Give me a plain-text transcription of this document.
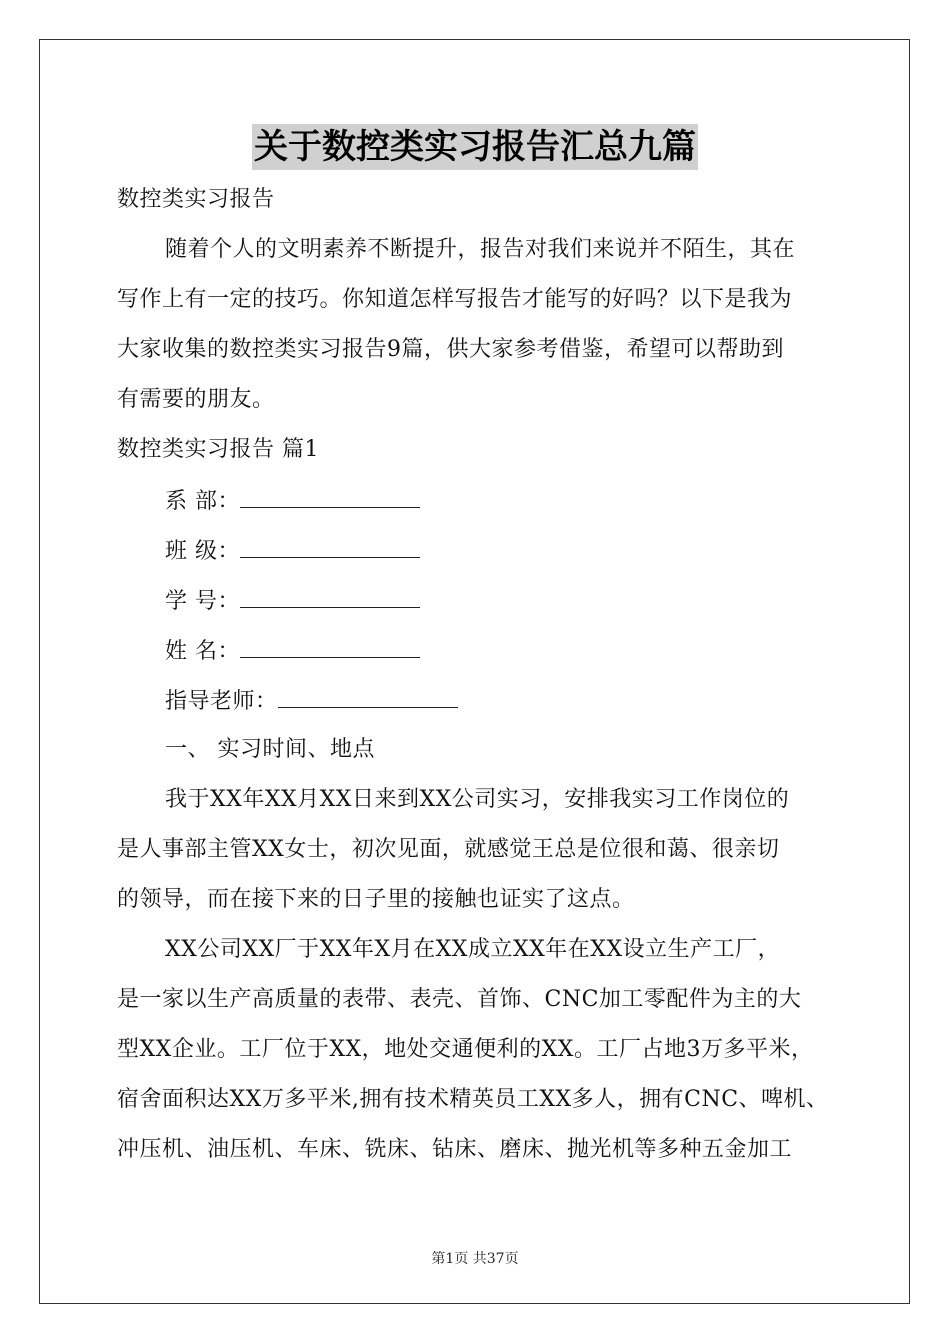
关于数控类实习报告汇总九篇
数控类实习报告
随着个人的文明素养不断提升，报告对我们来说并不陌生，其在
写作上有一定的技巧。你知道怎样写报告才能写的好吗？以下是我为
大家收集的数控类实习报告9篇，供大家参考借鉴，希望可以帮助到
有需要的朋友。
数控类实习报告 篇1
系 部：
班 级：
学 号：
姓 名：
指导老师：
一、 实习时间、地点
我于XX年XX月XX日来到XX公司实习，安排我实习工作岗位的
是人事部主管XX女士，初次见面，就感觉王总是位很和蔼、很亲切
的领导，而在接下来的日子里的接触也证实了这点。
XX公司XX厂于XX年X月在XX成立XX年在XX设立生产工厂，
是一家以生产高质量的表带、表壳、首饰、CNC加工零配件为主的大
型XX企业。工厂位于XX，地处交通便利的XX。工厂占地3万多平米，
宿舍面积达XX万多平米,拥有技术精英员工XX多人，拥有CNC、啤机、
冲压机、油压机、车床、铣床、钻床、磨床、抛光机等多种五金加工
第1页 共37页
